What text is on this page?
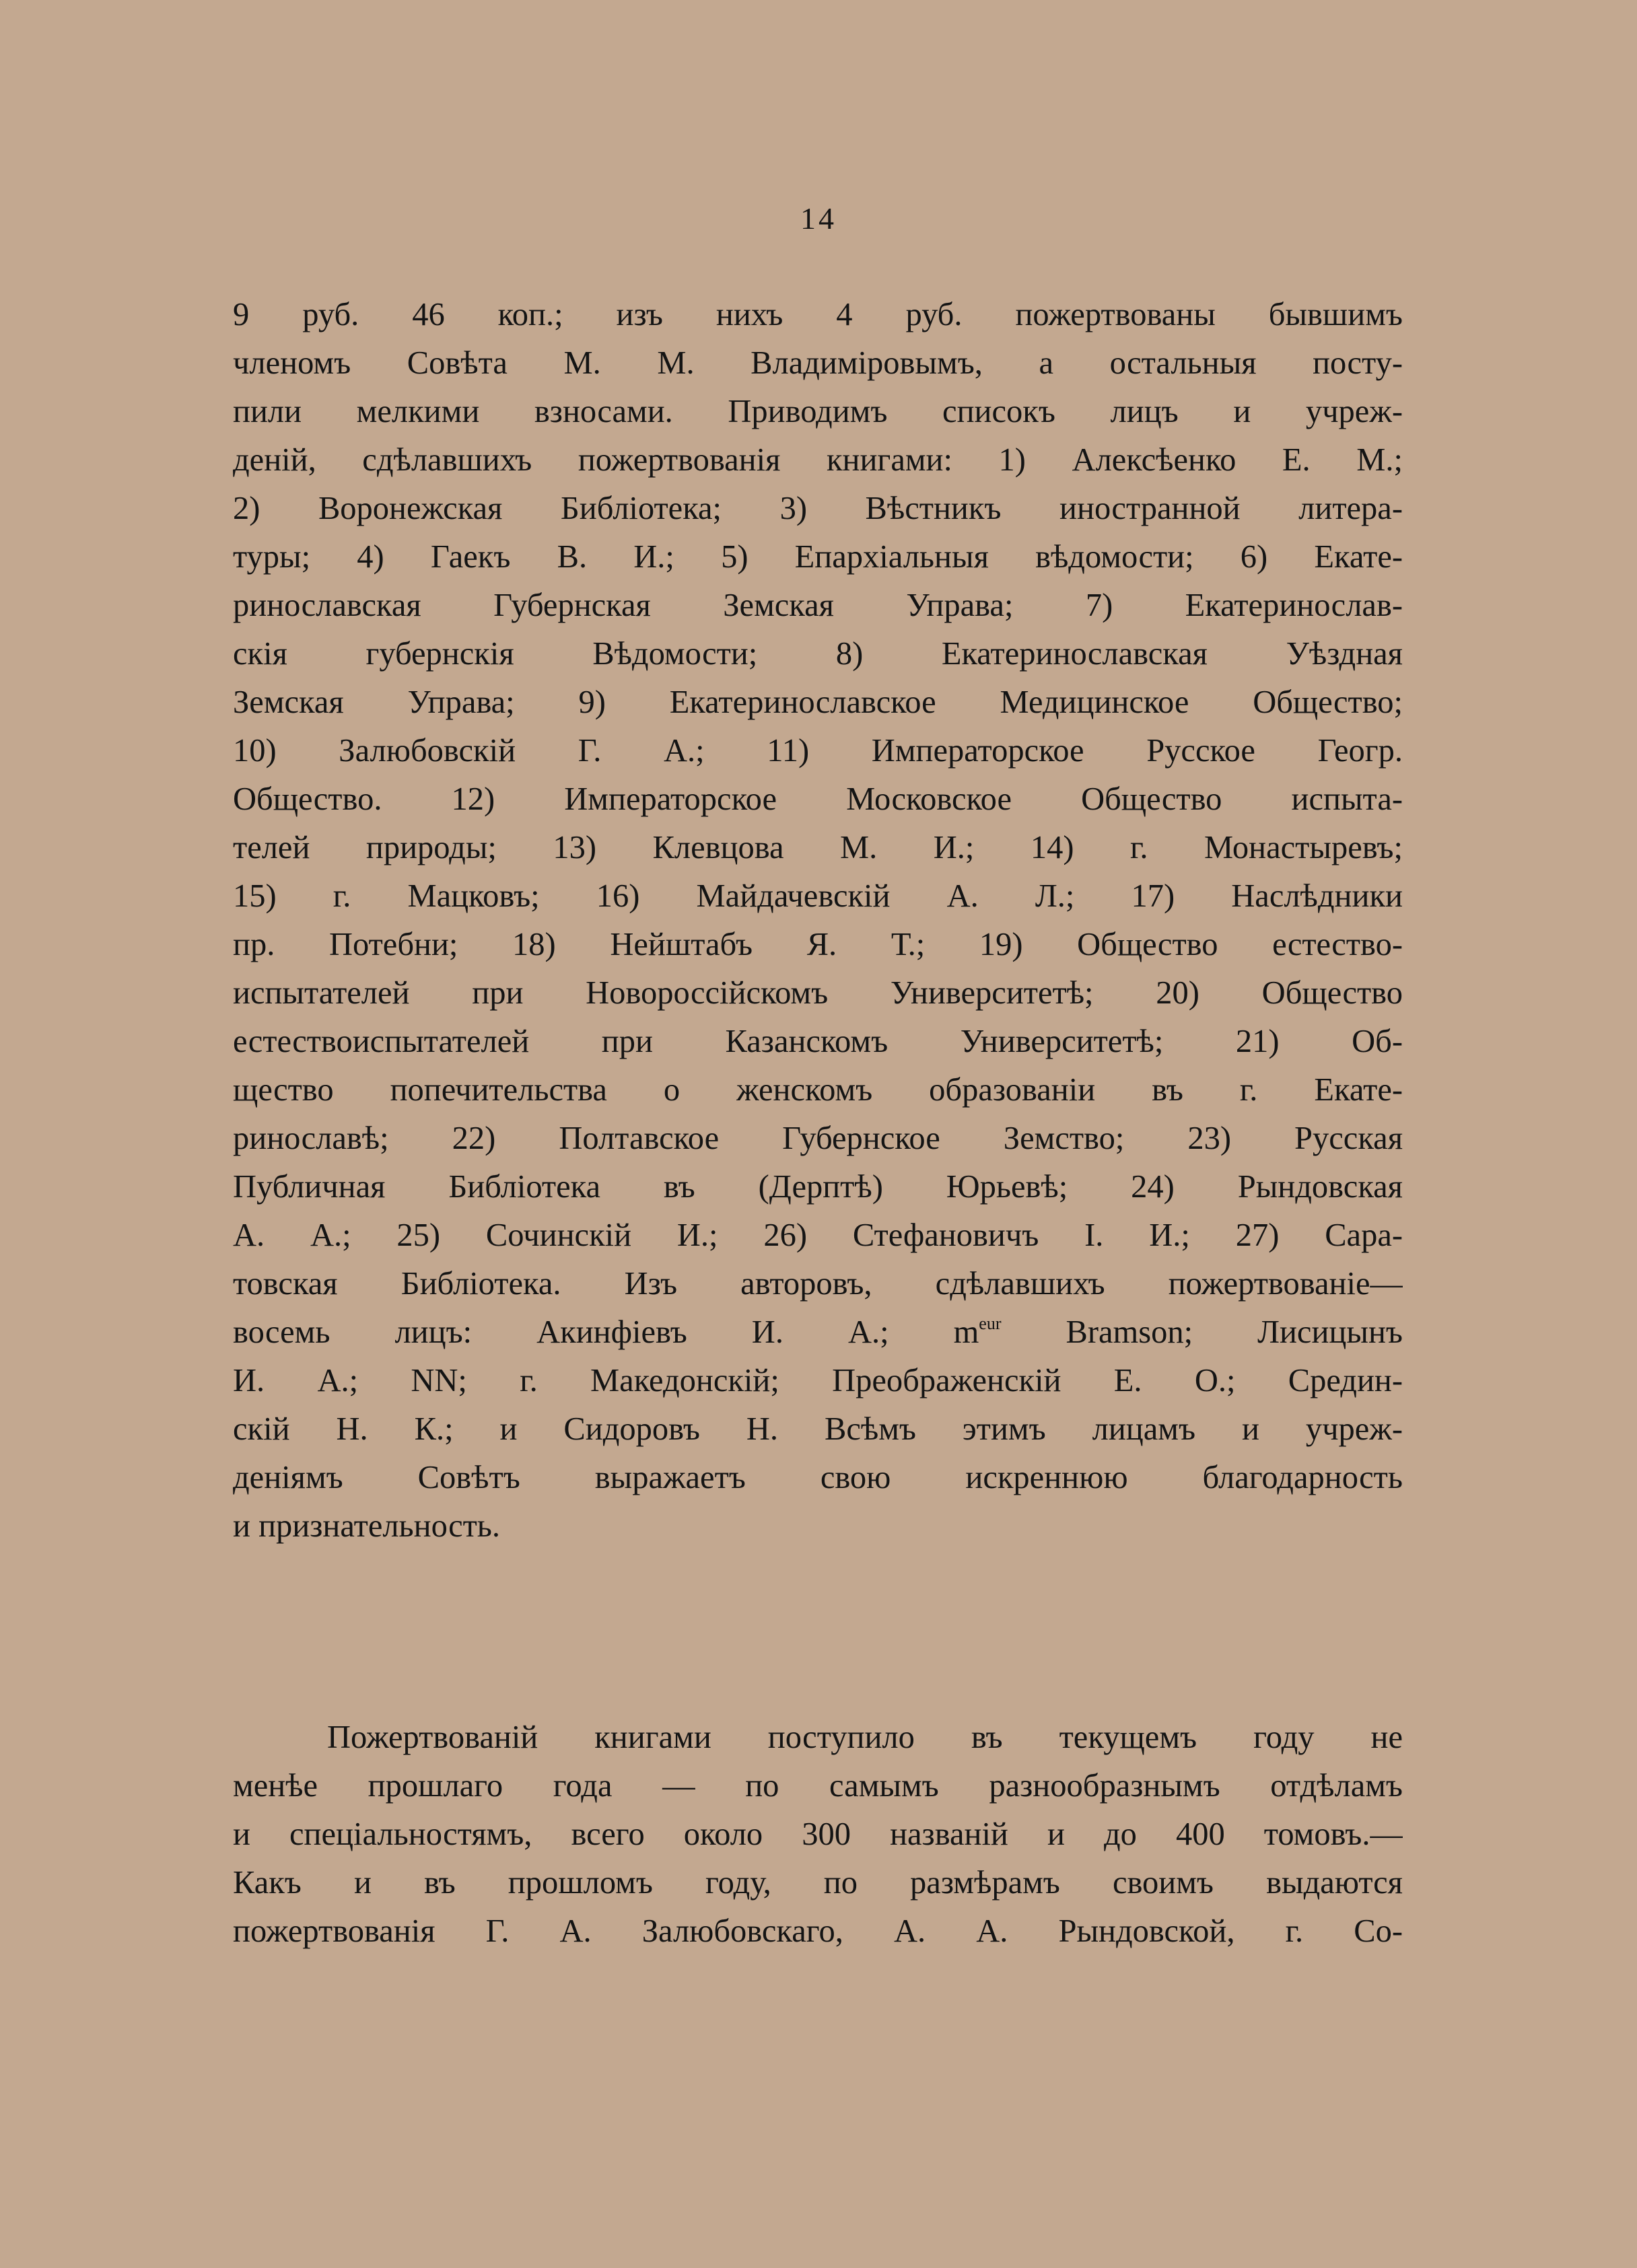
14
9 руб. 46 коп.; изъ нихъ 4 руб. пожертвованы бывшимъ
членомъ Совѣта М. М. Владиміровымъ, а остальныя посту-
пили мелкими взносами. Приводимъ списокъ лицъ и учреж-
деній, сдѣлавшихъ пожертвованія книгами: 1) Алексѣенко Е. М.;
2) Воронежская Библіотека; 3) Вѣстникъ иностранной литера-
туры; 4) Гаекъ В. И.; 5) Епархіальныя вѣдомости; 6) Екате-
ринославская Губернская Земская Управа; 7) Екатеринослав-
скія губернскія Вѣдомости; 8) Екатеринославская Уѣздная
Земская Управа; 9) Екатеринославское Медицинское Общество;
10) Залюбовскій Г. А.; 11) Императорское Русское Геогр.
Общество. 12) Императорское Московское Общество испыта-
телей природы; 13) Клевцова М. И.; 14) г. Монастыревъ;
15) г. Мацковъ; 16) Майдачевскій А. Л.; 17) Наслѣдники
пр. Потебни; 18) Нейштабъ Я. Т.; 19) Общество естество-
испытателей при Новороссійскомъ Университетѣ; 20) Общество
естествоиспытателей при Казанскомъ Университетѣ; 21) Об-
щество попечительства о женскомъ образованіи въ г. Екате-
ринославѣ; 22) Полтавское Губернское Земство; 23) Русская
Публичная Библіотека въ (Дерптѣ) Юрьевѣ; 24) Рындовская
А. А.; 25) Сочинскій И.; 26) Стефановичъ І. И.; 27) Сара-
товская Библіотека. Изъ авторовъ, сдѣлавшихъ пожертвованіе—
восемь лицъ: Акинфіевъ И. А.; $m^{eur}$ Bramson; Лисицынъ
И. А.; NN; г. Македонскій; Преображенскій Е. О.; Средин-
скій Н. К.; и Сидоровъ Н. Всѣмъ этимъ лицамъ и учреж-
деніямъ Совѣтъ выражаетъ свою искреннюю благодарность
и признательность.
Пожертвованій книгами поступило въ текущемъ году не
менѣе прошлаго года — по самымъ разнообразнымъ отдѣламъ
и спеціальностямъ, всего около 300 названій и до 400 томовъ.—
Какъ и въ прошломъ году, по размѣрамъ своимъ выдаются
пожертвованія Г. А. Залюбовскаго, А. А. Рындовской, г. Со-
